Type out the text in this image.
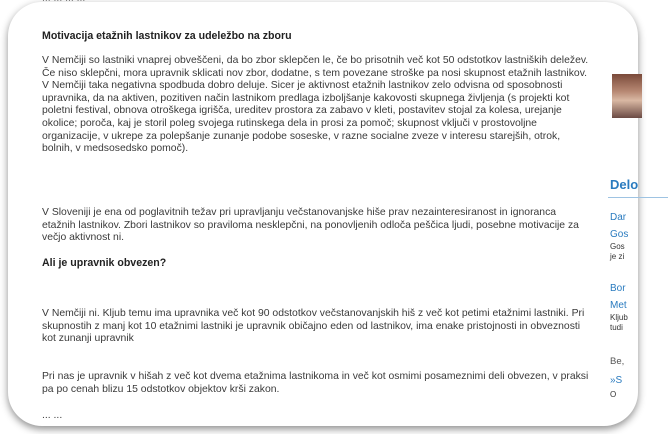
Motivacija etažnih lastnikov za udeležbo na zboru
V Nemčiji so lastniki vnaprej obveščeni, da bo zbor sklepčen le, če bo prisotnih več kot 50 odstotkov lastniških deležev. Če niso sklepčni, mora upravnik sklicati nov zbor, dodatne, s tem povezane stroške pa nosi skupnost etažnih lastnikov. V Nemčiji taka negativna spodbuda dobro deluje. Sicer je aktivnost etažnih lastnikov zelo odvisna od sposobnosti upravnika, da na aktiven, pozitiven način lastnikom predlaga izboljšanje kakovosti skupnega življenja (s projekti kot poletni festival, obnova otroškega igrišča, ureditev prostora za zabavo v kleti, postavitev stojal za kolesa, urejanje okolice; poroča, kaj je storil poleg svojega rutinskega dela in prosi za pomoč; skupnost vključi v prostovoljne organizacije, v ukrepe za polepšanje zunanje podobe soseske, v razne socialne zveze v interesu starejših, otrok, bolnih, v medsosedsko pomoč).
V Sloveniji je ena od poglavitnih težav pri upravljanju večstanovanjske hiše prav nezainteresiranost in ignoranca etažnih lastnikov. Zbori lastnikov so praviloma nesklepčni, na ponovljenih odloča peščica ljudi, posebne motivacije za večjo aktivnost ni.
Ali je upravnik obvezen?
V Nemčiji ni. Kljub temu ima upravnika več kot 90 odstotkov večstanovanjskih hiš z več kot petimi etažnimi lastniki. Pri skupnostih z manj kot 10 etažnimi lastniki je upravnik običajno eden od lastnikov, ima enake pristojnosti in obveznosti kot zunanji upravnik
Pri nas je upravnik v hišah z več kot dvema etažnima lastnikoma in več kot osmimi posameznimi deli obvezen, v praksi pa po cenah blizu 15 odstotkov objektov krši zakon.
... ...
Delo
Dar
Gos
Gos
je zi
Bor
Met
Kljub
tudi
Be,
»S
O
